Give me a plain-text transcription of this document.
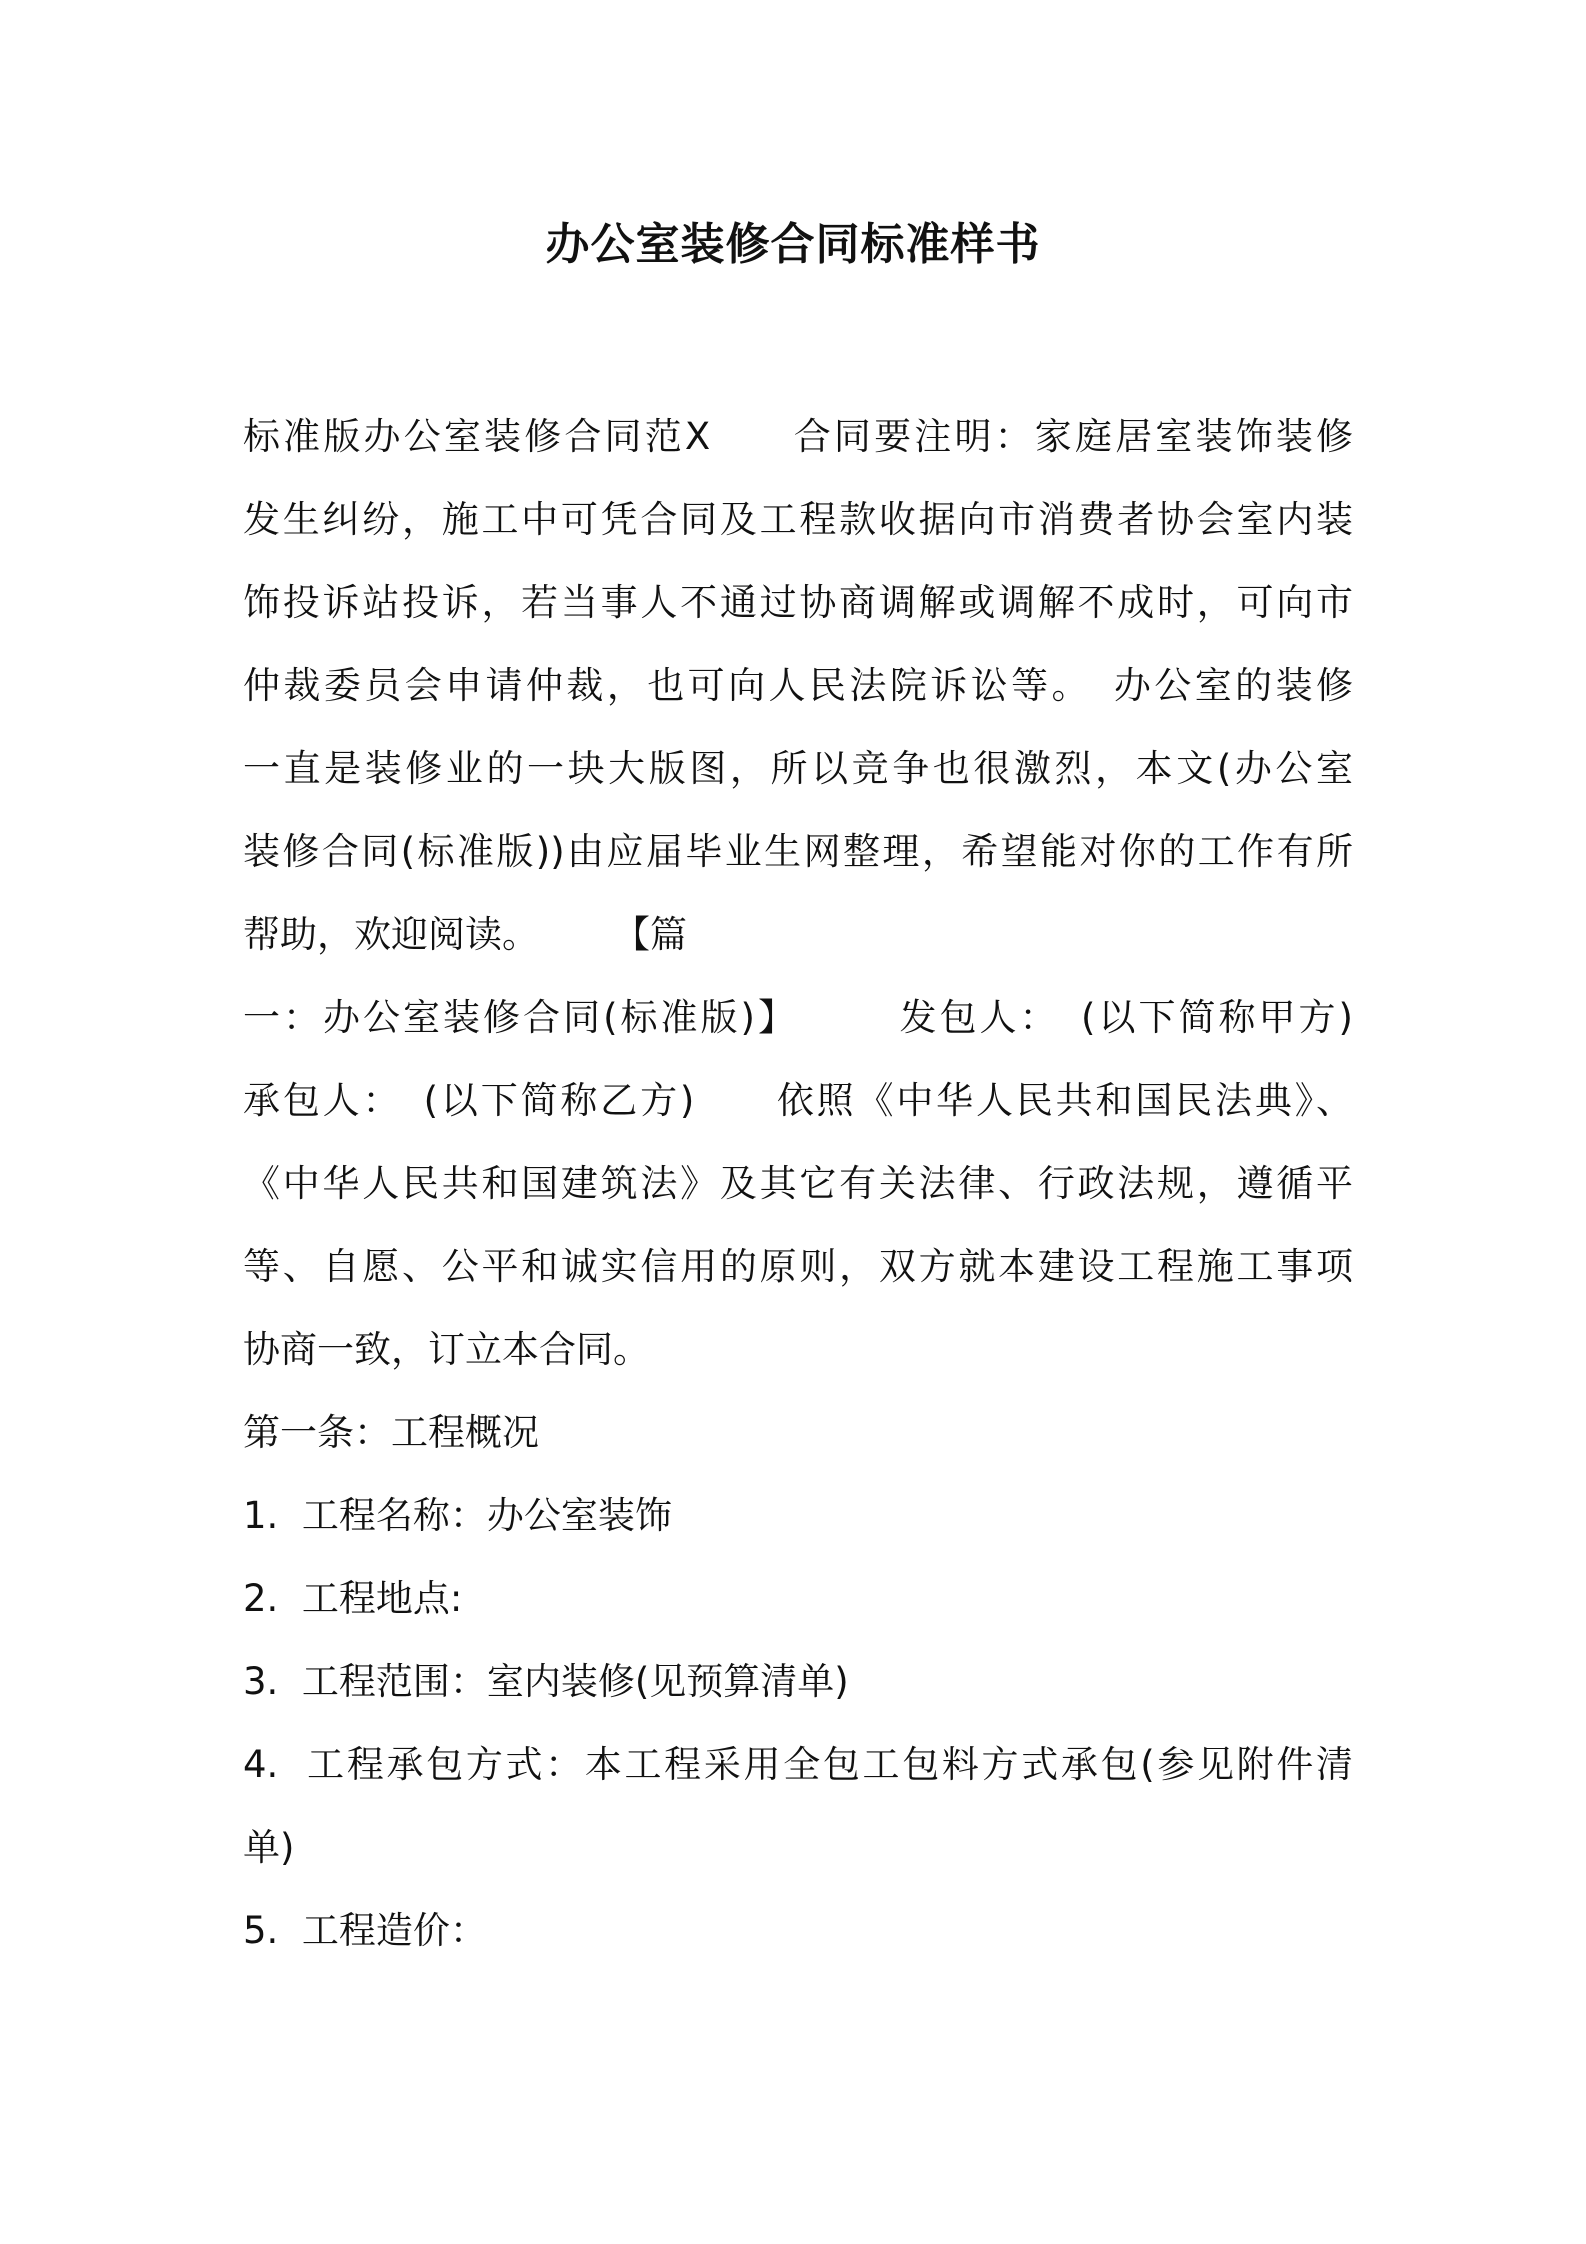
办公室装修合同标准样书
标准版办公室装修合同范X　　合同要注明：家庭居室装饰装修
发生纠纷，施工中可凭合同及工程款收据向市消费者协会室内装
饰投诉站投诉，若当事人不通过协商调解或调解不成时，可向市
仲裁委员会申请仲裁，也可向人民法院诉讼等。　办公室的装修
一直是装修业的一块大版图，所以竞争也很激烈，本文(办公室
装修合同(标准版))由应届毕业生网整理，希望能对你的工作有所
帮助，欢迎阅读。　　　【篇
一：办公室装修合同(标准版)】　　　发包人：　(以下简称甲方)
承包人：　(以下简称乙方)　　依照《中华人民共和国民法典》、
《中华人民共和国建筑法》及其它有关法律、行政法规，遵循平
等、自愿、公平和诚实信用的原则，双方就本建设工程施工事项
协商一致，订立本合同。
第一条：工程概况
1.  工程名称：办公室装饰
2.  工程地点:
3.  工程范围：室内装修(见预算清单)
4.  工程承包方式：本工程采用全包工包料方式承包(参见附件清
单)
5.  工程造价：
